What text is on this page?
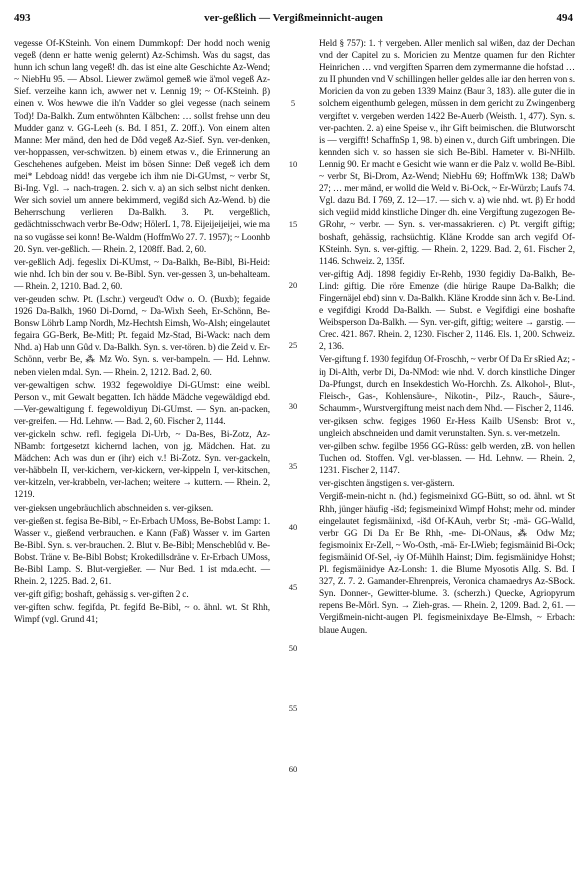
493	ver-geßlich — Vergißmeinnicht-augen	494

vegesse Of-KSteinh. Von einem Dummkopf: Der hodd noch wenig vegeß (denn er hatte wenig gelernt) Az-Schimsh. Was du sagst, das hunn ich schun lang vegeß! dh. das ist eine alte Geschichte Az-Wend; ~ NiebHu 95. — Absol. Liewer zwämol gemeß wie ä'mol vegeß Az-Sief. verzeihe kann ich, awwer net v. Lennig 19; ~ Of-KSteinh. β) einen v. Wos hewwe die ih'n Vadder so glei vegesse (nach seinem Tod)! Da-Balkh. Zum entwöhnten Kälbchen: … sollst frehse unn deu Mudder ganz v. GG-Leeh (s. Bd. I 851, Z. 20ff.). Von einem alten Manne: Mer mänd, den hed de Dôd vegeß Az-Sief. Syn. ver-denken, ver-hoppassen, ver-schwitzen. b) einem etwas v., die Erinnerung an Geschehenes aufgeben. Meist im bösen Sinne: Deß vegeß ich dem mei* Lebdoag nidd! das vergebe ich ihm nie Di-GUmst, ~ verbr St, Bi-Ing. Vgl. → nach-tragen. 2. sich v. a) an sich selbst nicht denken. Wer sich soviel um annere bekimmerd, vegißd sich Az-Wend. b) die Beherrschung verlieren Da-Balkh. 3. Pt. vergeßlich, gedächtnisschwach verbr Be-Odw; HölerL 1, 78. Eijeijeijeijei, wie ma na so vugässe sei konn! Be-Waldm (HoffmWo 27. 7. 1957); ~ Loonhb 20. Syn. ver-geßlich. — Rhein. 2, 1208ff. Bad. 2, 60.

ver-geßlich Adj. fegeslix Di-KUmst, ~ Da-Balkh, Be-Bibl, Bi-Heid: wie nhd. Ich bin der sou v. Be-Bibl. Syn. ver-gessen 3, un-behalteam. — Rhein. 2, 1210. Bad. 2, 60.

ver-geuden schw. Pt. (Lschr.) vergeud't Odw o. O. (Buxb); fegaide 1926 Da-Balkh, 1960 Di-Dornd, ~ Da-Wixh Seeh, Er-Schönn, Be-Bonsw Löhrb Lamp Nordh, Mz-Hechtsh Eimsh, Wo-Alsh; eingelautet fegaira GG-Berk, Be-Mitl; Pt. fegaid Mz-Stad, Bi-Wack: nach dem Nhd. a) Hab unn Gûd v. Da-Balkh. Syn. s. ver-tören. b) die Zeid v. Er-Schönn, verbr Be, ⁂ Mz Wo. Syn. s. ver-bampeln. — Hd. Lehnw. neben vielen mdal. Syn. — Rhein. 2, 1212. Bad. 2, 60.

ver-gewaltigen schw. 1932 fegewoldiye Di-GUmst: eine weibl. Person v., mit Gewalt begatten. Ich hädde Mädche vegewäldigd ebd. —Ver-gewaltigung f. fegewoldiyuŋ Di-GUmst. — Syn. an-packen, ver-greifen. — Hd. Lehnw. — Bad. 2, 60. Fischer 2, 1144.

ver-gickeln schw. refl. fegigela Di-Urb, ~ Da-Bes, Bi-Zotz, Az-NBamb: fortgesetzt kichernd lachen, von jg. Mädchen. Hat. zu Mädchen: Ach was dun er (ihr) eich v.! Bi-Zotz. Syn. ver-gackeln, ver-häbbeln II, ver-kichern, ver-kickern, ver-kippeln I, ver-kitschen, ver-kitzeln, ver-krabbeln, ver-lachen; weitere → kuttern. — Rhein. 2, 1219.

ver-gieksen ungebräuchlich abschneiden s. ver-giksen.

ver-gießen st. fegisa Be-Bibl, ~ Er-Erbach UMoss, Be-Bobst Lamp: 1. Wasser v., gießend verbrauchen. e Kann (Faß) Wasser v. im Garten Be-Bibl. Syn. s. ver-brauchen. 2. Blut v. Be-Bibl; Menscheblûd v. Be-Bobst. Träne v. Be-Bibl Bobst; Krokedillsdräne v. Er-Erbach UMoss, Be-Bibl Lamp. S. Blut-vergießer. — Nur Bed. 1 ist mda.echt. — Rhein. 2, 1225. Bad. 2, 61.

ver-gift gifig; boshaft, gehässig s. ver-giften 2 c.

ver-giften schw. fegifda, Pt. fegifd Be-Bibl, ~ o. ähnl. wt. St Rhh, Wimpf (vgl. Grund 41;

5
10
15
20
25
30
35
40
45
50
55
60

Held § 757): 1. † vergeben. Aller menlich sal wißen, daz der Dechan vnd der Capitel zu s. Moricien zu Mentze quamen fur den Richter Heinrichen … vnd vergiften Sparren dem zymermanne die hofstad … zu II phunden vnd V schillingen heller geldes alle iar den herren von s. Moricien da von zu geben 1339 Mainz (Baur 3, 183). alle guter die in solchem eigenthumb gelegen, müssen in dem gericht zu Zwingenberg vergiftet v. vergeben werden 1422 Be-Auerb (Weisth. 1, 477). Syn. s. ver-pachten. 2. a) eine Speise v., ihr Gift beimischen. die Blutworscht is — vergifft! SchaffnSp 1, 98. b) einen v., durch Gift umbringen. Die kennden sich v. so hassen sie sich Be-Bibl. Hameter v. Bi-NHilb. Lennig 90. Er macht e Gesicht wie wann er die Palz v. wolld Be-Bibl. ~ verbr St, Bi-Drom, Az-Wend; NiebHu 69; HoffmWk 138; DaWb 27; … mer mänd, er wolld die Weld v. Bi-Ock, ~ Er-Würzb; Laufs 74. Vgl. dazu Bd. I 769, Z. 12—17. — sich v. a) wie nhd. wt. β) Er hodd sich vegiid midd kinstliche Dinger dh. eine Vergiftung zugezogen Be-GRohr, ~ verbr. — Syn. s. ver-massakrieren. c) Pt. vergift giftig; boshaft, gehässig, rachsüchtig. Kläne Krodde san arch vegifd Of-KSteinh. Syn. s. ver-giftig. — Rhein. 2, 1229. Bad. 2, 61. Fischer 2, 1146. Schweiz. 2, 135f.

ver-giftig Adj. 1898 fegidiy Er-Rehb, 1930 fegidiy Da-Balkh, Be-Lind: giftig. Die röre Emenze (die hürige Raupe Da-Balkh; die Fingernäjel ebd) sinn v. Da-Balkh. Kläne Krodde sinn ăch v. Be-Lind. e vegifdigi Krodd Da-Balkh. — Subst. e Vegifdigi eine boshafte Weibsperson Da-Balkh. — Syn. ver-gift, giftig; weitere → garstig. — Crec. 421. 867. Rhein. 2, 1230. Fischer 2, 1146. Els. 1, 200. Schweiz. 2, 136.

Ver-giftung f. 1930 fegifduŋ Of-Froschh, ~ verbr Of Da Er sRied Az; -iŋ Di-Alth, verbr Di, Da-NMod: wie nhd. V. dorch kinstliche Dinger Da-Pfungst, durch en Insekdestich Wo-Horchh. Zs. Alkohol-, Blut-, Fleisch-, Gas-, Kohlensäure-, Nikotin-, Pilz-, Rauch-, Säure-, Schaumm-, Wurstvergiftung meist nach dem Nhd. — Fischer 2, 1146.

ver-giksen schw. fegiges 1960 Er-Hess Kailb USensb: Brot v., ungleich abschneiden und damit verunstalten. Syn. s. ver-metzeln.

ver-gilben schw. fegilbe 1956 GG-Rüss: gelb werden, zB. von hellen Tuchen od. Stoffen. Vgl. ver-blassen. — Hd. Lehnw. — Rhein. 2, 1231. Fischer 2, 1147.

ver-gischten ängstigen s. ver-gästern.

Vergiß-mein-nicht n. (hd.) fegismeinixd GG-Bütt, so od. ähnl. wt St Rhh, jünger häufig -išd; fegismeinixd Wimpf Hohst; mehr od. minder eingelautet fegismäinixd, -išd Of-KAuh, verbr St; -mä- GG-Walld, verbr GG Di Da Er Be Rhh, -me- Di-ONaus, ⁂ Odw Mz; fegismoinix Er-Zell, ~ Wo-Osth, -mä- Er-LWieb; fegismäinid Bi-Ock; fegismäinid Of-Sel, -iy Of-Mühlh Hainst; Dim. fegismäinidye Hohst; Pl. fegismäinidye Az-Lonsh: 1. die Blume Myosotis Allg. S. Bd. I 327, Z. 7. 2. Gamander-Ehrenpreis, Veronica chamaedrys Az-SBock. Syn. Donner-, Gewitter-blume. 3. (scherzh.) Quecke, Agriopyrum repens Be-Mörl. Syn. → Zieh-gras. — Rhein. 2, 1209. Bad. 2, 61. —Vergißmein-nicht-augen Pl. fegismeinixdaye Be-Elmsh, ~ Erbach: blaue Augen.
